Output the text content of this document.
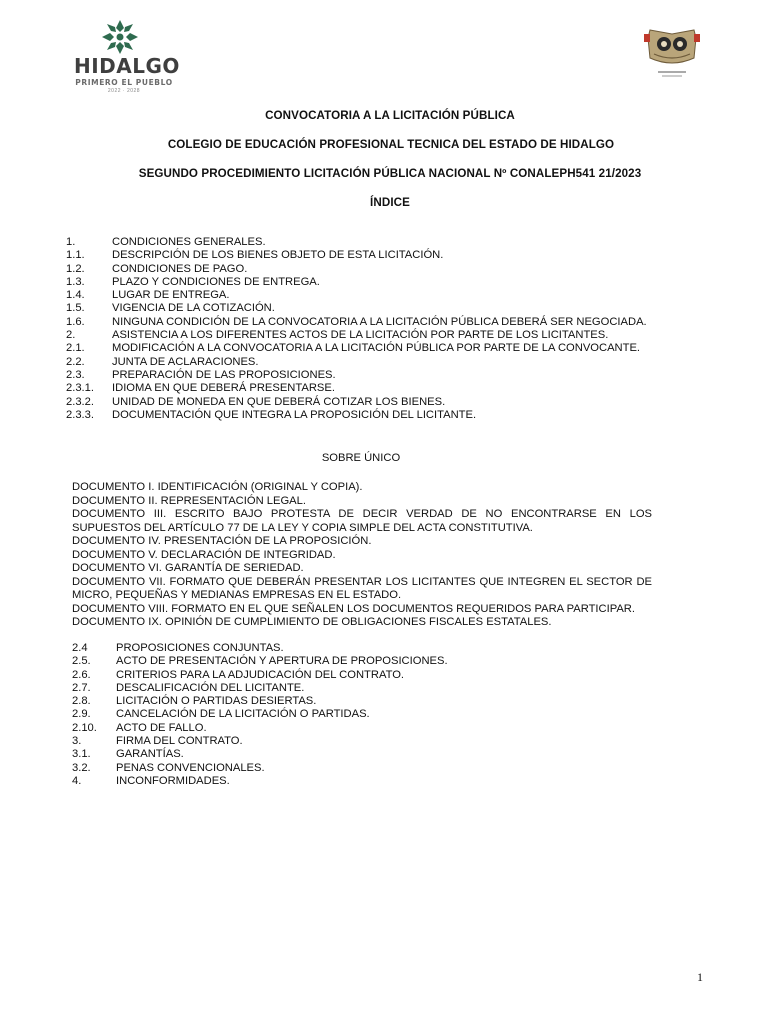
HIDALGO
PRIMERO EL PUEBLO
2022 · 2028
CONVOCATORIA A LA LICITACIÓN PÚBLICA
COLEGIO DE EDUCACIÓN PROFESIONAL TECNICA DEL ESTADO DE HIDALGO
SEGUNDO PROCEDIMIENTO LICITACIÓN PÚBLICA NACIONAL Nº CONALEPH541 21/2023
ÍNDICE
1.	CONDICIONES GENERALES.
1.1. DESCRIPCIÓN DE LOS BIENES OBJETO DE ESTA LICITACIÓN.
1.2. CONDICIONES DE PAGO.
1.3. PLAZO Y CONDICIONES DE ENTREGA.
1.4. LUGAR DE ENTREGA.
1.5. VIGENCIA DE LA COTIZACIÓN.
1.6. NINGUNA CONDICIÓN DE LA CONVOCATORIA A LA LICITACIÓN PÚBLICA DEBERÁ SER NEGOCIADA.
2.	ASISTENCIA A LOS DIFERENTES ACTOS DE LA LICITACIÓN POR PARTE DE LOS LICITANTES.
2.1. MODIFICACIÓN A LA CONVOCATORIA A LA LICITACIÓN PÚBLICA POR PARTE DE LA CONVOCANTE.
2.2. JUNTA DE ACLARACIONES.
2.3. PREPARACIÓN DE LAS PROPOSICIONES.
2.3.1. IDIOMA EN QUE DEBERÁ PRESENTARSE.
2.3.2. UNIDAD DE MONEDA EN QUE DEBERÁ COTIZAR LOS BIENES.
2.3.3. DOCUMENTACIÓN QUE INTEGRA LA PROPOSICIÓN DEL LICITANTE.
SOBRE ÚNICO

DOCUMENTO I. IDENTIFICACIÓN (ORIGINAL Y COPIA).

DOCUMENTO II. REPRESENTACIÓN LEGAL.

DOCUMENTO III. ESCRITO BAJO PROTESTA DE DECIR VERDAD DE NO ENCONTRARSE EN LOS
SUPUESTOS DEL ARTÍCULO 77 DE LA LEY Y COPIA SIMPLE DEL ACTA CONSTITUTIVA.

DOCUMENTO IV. PRESENTACIÓN DE LA PROPOSICIÓN.

DOCUMENTO V. DECLARACIÓN DE INTEGRIDAD.

DOCUMENTO VI. GARANTÍA DE SERIEDAD.

DOCUMENTO VII. FORMATO QUE DEBERÁN PRESENTAR LOS LICITANTES QUE INTEGREN EL SECTOR DE
MICRO, PEQUEÑAS Y MEDIANAS EMPRESAS EN EL ESTADO.

DOCUMENTO VIII. FORMATO EN EL QUE SEÑALEN LOS DOCUMENTOS REQUERIDOS PARA PARTICIPAR.

DOCUMENTO IX. OPINIÓN DE CUMPLIMIENTO DE OBLIGACIONES FISCALES ESTATALES.

2.4	PROPOSICIONES CONJUNTAS.
2.5. ACTO DE PRESENTACIÓN Y APERTURA DE PROPOSICIONES.
2.6. CRITERIOS PARA LA ADJUDICACIÓN DEL CONTRATO.
2.7. DESCALIFICACIÓN DEL LICITANTE.
2.8. LICITACIÓN O PARTIDAS DESIERTAS.
2.9. CANCELACIÓN DE LA LICITACIÓN O PARTIDAS.
2.10. ACTO DE FALLO.
3.	FIRMA DEL CONTRATO.
3.1. GARANTÍAS.
3.2. PENAS CONVENCIONALES.
4.	INCONFORMIDADES.
1
